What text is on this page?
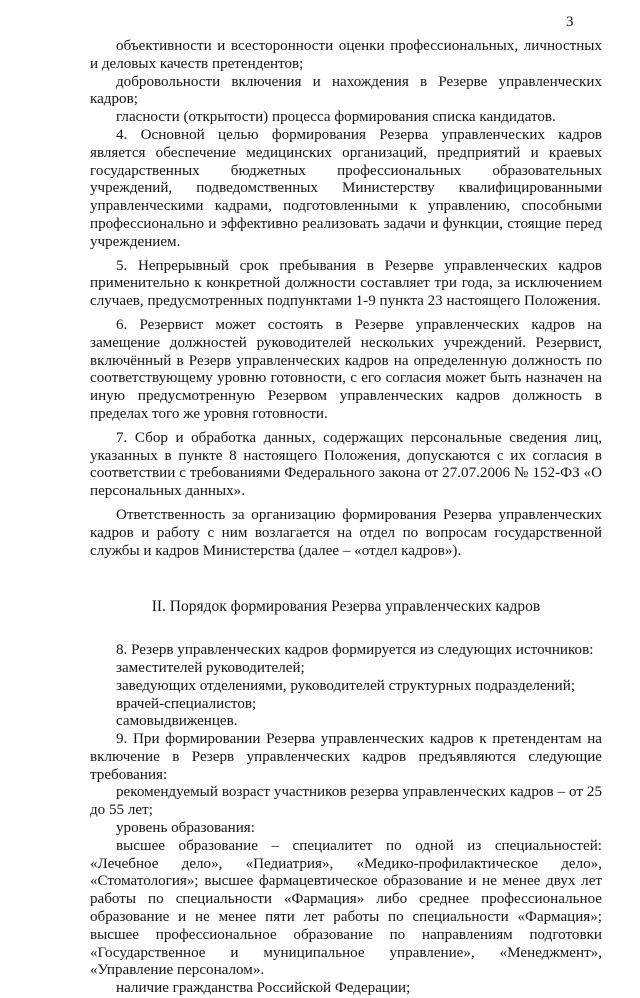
3

объективности и всесторонности оценки профессиональных, личностных и деловых качеств претендентов;

добровольности включения и нахождения в Резерве управленческих кадров;

гласности (открытости) процесса формирования списка кандидатов.

4. Основной целью формирования Резерва управленческих кадров является обеспечение медицинских организаций, предприятий и краевых государственных бюджетных профессиональных образовательных учреждений, подведомственных Министерству квалифицированными управленческими кадрами, подготовленными к управлению, способными профессионально и эффективно реализовать задачи и функции, стоящие перед учреждением.

5. Непрерывный срок пребывания в Резерве управленческих кадров применительно к конкретной должности составляет три года, за исключением случаев, предусмотренных подпунктами 1-9 пункта 23 настоящего Положения.

6. Резервист может состоять в Резерве управленческих кадров на замещение должностей руководителей нескольких учреждений. Резервист, включённый в Резерв управленческих кадров на определенную должность по соответствующему уровню готовности, с его согласия может быть назначен на иную предусмотренную Резервом управленческих кадров должность в пределах того же уровня готовности.

7. Сбор и обработка данных, содержащих персональные сведения лиц, указанных в пункте 8 настоящего Положения, допускаются с их согласия в соответствии с требованиями Федерального закона от 27.07.2006 № 152-ФЗ «О персональных данных».

Ответственность за организацию формирования Резерва управленческих кадров и работу с ним возлагается на отдел по вопросам государственной службы и кадров Министерства (далее – «отдел кадров»).

II. Порядок формирования Резерва управленческих кадров

8. Резерв управленческих кадров формируется из следующих источников:

заместителей руководителей;

заведующих отделениями, руководителей структурных подразделений;

врачей-специалистов;

самовыдвиженцев.

9. При формировании Резерва управленческих кадров к претендентам на включение в Резерв управленческих кадров предъявляются следующие требования:

рекомендуемый возраст участников резерва управленческих кадров – от 25 до 55 лет;

уровень образования:

высшее образование – специалитет по одной из специальностей: «Лечебное дело», «Педиатрия», «Медико-профилактическое дело», «Стоматология»; высшее фармацевтическое образование и не менее двух лет работы по специальности «Фармация» либо среднее профессиональное образование и не менее пяти лет работы по специальности «Фармация»; высшее профессиональное образование по направлениям подготовки «Государственное и муниципальное управление», «Менеджмент», «Управление персоналом».

наличие гражданства Российской Федерации;
